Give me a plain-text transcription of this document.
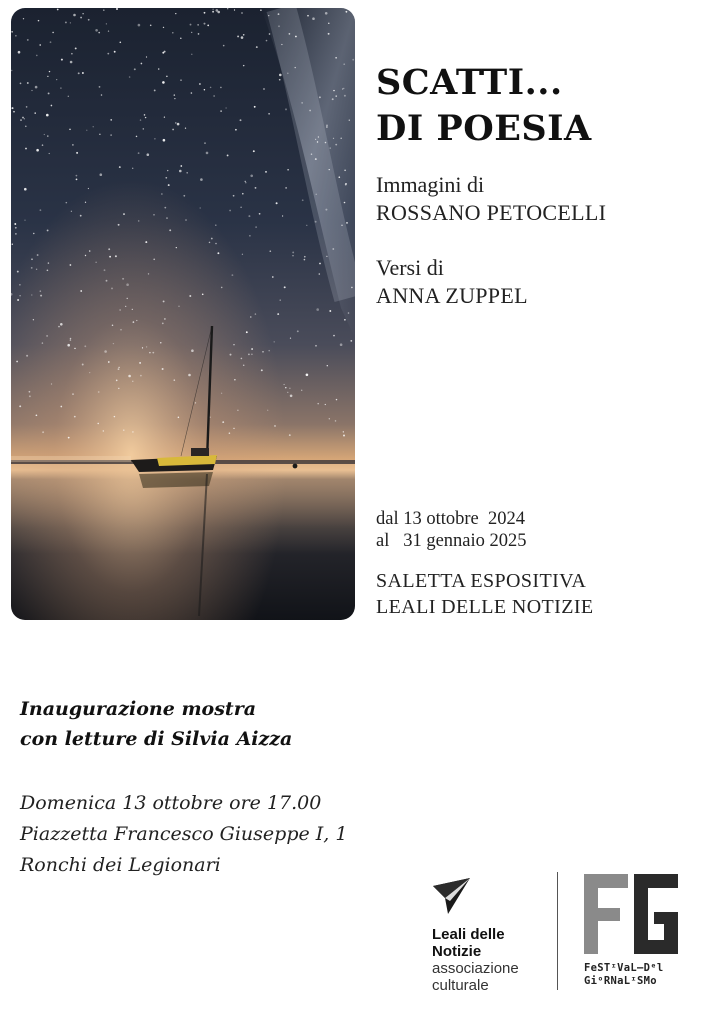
SCATTI...
DI POESIA

Immagini di
ROSSANO PETOCELLI

Versi di
ANNA ZUPPEL

dal 13 ottobre  2024
al   31 gennaio 2025

SALETTA ESPOSITIVA
LEALI DELLE NOTIZIE

Inaugurazione mostra
con letture di Silvia Aizza

Domenica 13 ottobre ore 17.00
Piazzetta Francesco Giuseppe I, 1
Ronchi dei Legionari

Leali delle
Notizie

associazione
culturale

FeSTᶦVaL—Dᵉl
GiᵒRNaLᶦSMo
